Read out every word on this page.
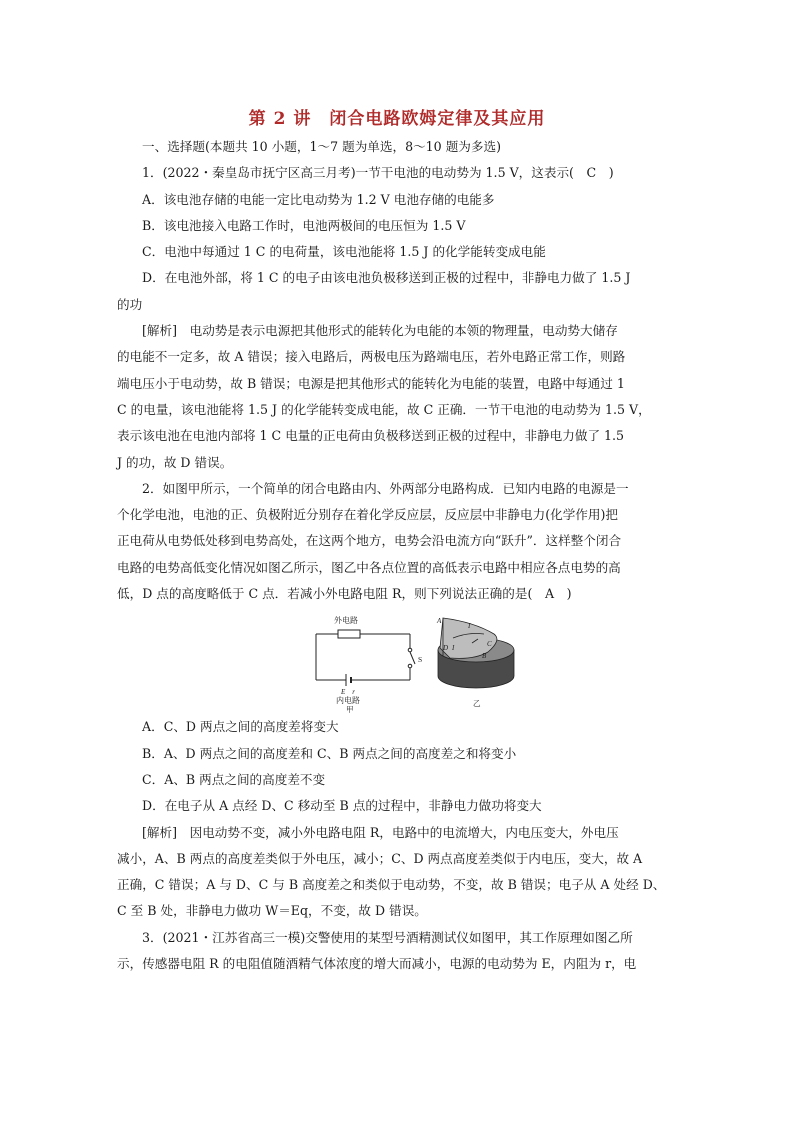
第 2 讲　闭合电路欧姆定律及其应用

一、选择题(本题共 10 小题，1～7 题为单选，8～10 题为多选)

1．(2022・秦皇岛市抚宁区高三月考)一节干电池的电动势为 1.5 V，这表示(　C　)

A．该电池存储的电能一定比电动势为 1.2 V 电池存储的电能多

B．该电池接入电路工作时，电池两极间的电压恒为 1.5 V

C．电池中每通过 1 C 的电荷量，该电池能将 1.5 J 的化学能转变成电能

D．在电池外部，将 1 C 的电子由该电池负极移送到正极的过程中，非静电力做了 1.5 J

的功

[解析]　电动势是表示电源把其他形式的能转化为电能的本领的物理量，电动势大储存

的电能不一定多，故 A 错误；接入电路后，两极电压为路端电压，若外电路正常工作，则路

端电压小于电动势，故 B 错误；电源是把其他形式的能转化为电能的装置，电路中每通过 1

C 的电量，该电池能将 1.5 J 的化学能转变成电能，故 C 正确．一节干电池的电动势为 1.5 V，

表示该电池在电池内部将 1 C 电量的正电荷由负极移送到正极的过程中，非静电力做了 1.5

J 的功，故 D 错误。

2．如图甲所示，一个简单的闭合电路由内、外两部分电路构成．已知内电路的电源是一

个化学电池，电池的正、负极附近分别存在着化学反应层，反应层中非静电力(化学作用)把

正电荷从电势低处移到电势高处，在这两个地方，电势会沿电流方向“跃升”．这样整个闭合

电路的电势高低变化情况如图乙所示，图乙中各点位置的高低表示电路中相应各点电势的高

低，D 点的高度略低于 C 点．若减小外电路电阻 R，则下列说法正确的是(　A　)

外电路
S
E　r
内电路
甲
A
I
C
D I
B
乙

A．C、D 两点之间的高度差将变大

B．A、D 两点之间的高度差和 C、B 两点之间的高度差之和将变小

C．A、B 两点之间的高度差不变

D．在电子从 A 点经 D、C 移动至 B 点的过程中，非静电力做功将变大

[解析]　因电动势不变，减小外电路电阻 R，电路中的电流增大，内电压变大，外电压

减小，A、B 两点的高度差类似于外电压，减小；C、D 两点高度差类似于内电压，变大，故 A

正确，C 错误；A 与 D、C 与 B 高度差之和类似于电动势，不变，故 B 错误；电子从 A 处经 D、

C 至 B 处，非静电力做功 W＝Eq，不变，故 D 错误。

3．(2021・江苏省高三一模)交警使用的某型号酒精测试仪如图甲，其工作原理如图乙所

示，传感器电阻 R 的电阻值随酒精气体浓度的增大而减小，电源的电动势为 E，内阻为 r，电
